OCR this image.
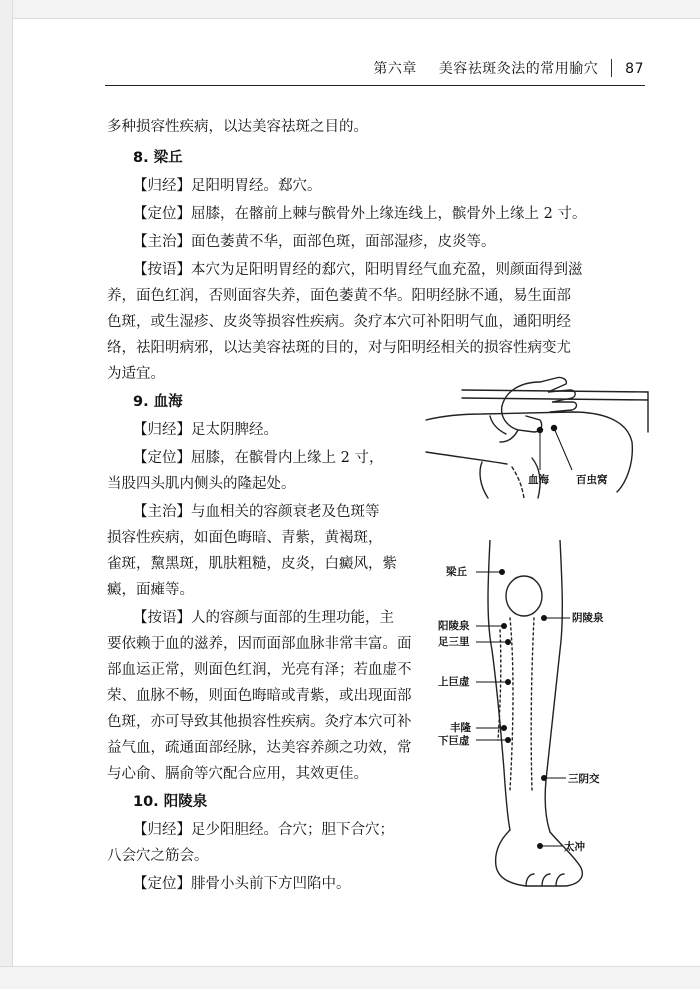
第六章 美容祛斑灸法的常用腧穴 87
多种损容性疾病，以达美容祛斑之目的。
8. 梁丘
【归经】足阳明胃经。郄穴。
【定位】屈膝，在髂前上棘与髌骨外上缘连线上，髌骨外上缘上 2 寸。
【主治】面色萎黄不华，面部色斑，面部湿疹，皮炎等。
【按语】本穴为足阳明胃经的郄穴，阳明胃经气血充盈，则颜面得到滋
养，面色红润，否则面容失养，面色萎黄不华。阳明经脉不通，易生面部
色斑，或生湿疹、皮炎等损容性疾病。灸疗本穴可补阳明气血，通阳明经
络，祛阳明病邪，以达美容祛斑的目的，对与阳明经相关的损容性病变尤
为适宜。
9. 血海
【归经】足太阴脾经。
【定位】屈膝，在髌骨内上缘上 2 寸，
当股四头肌内侧头的隆起处。
【主治】与血相关的容颜衰老及色斑等
损容性疾病，如面色晦暗、青紫，黄褐斑，
雀斑，黧黑斑，肌肤粗糙，皮炎，白癜风，紫
癜，面瘫等。
【按语】人的容颜与面部的生理功能，主
要依赖于血的滋养，因而面部血脉非常丰富。面
部血运正常，则面色红润，光亮有泽；若血虚不
荣、血脉不畅，则面色晦暗或青紫，或出现面部
色斑，亦可导致其他损容性疾病。灸疗本穴可补
益气血，疏通面部经脉，达美容养颜之功效，常
与心俞、膈俞等穴配合应用，其效更佳。
10. 阳陵泉
【归经】足少阳胆经。合穴；胆下合穴；
八会穴之筋会。
【定位】腓骨小头前下方凹陷中。
血海	百虫窝
梁丘
阳陵泉
阴陵泉
足三里
上巨虚
丰隆
下巨虚
三阴交
太冲
